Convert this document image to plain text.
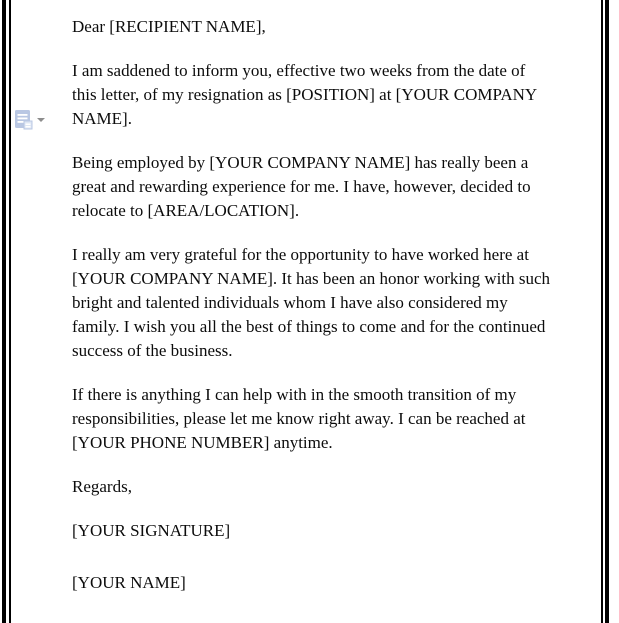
Dear [RECIPIENT NAME],

I am saddened to inform you, effective two weeks from the date of this letter, of my resignation as [POSITION] at [YOUR COMPANY NAME].

Being employed by [YOUR COMPANY NAME] has really been a great and rewarding experience for me. I have, however, decided to relocate to [AREA/LOCATION].

I really am very grateful for the opportunity to have worked here at [YOUR COMPANY NAME]. It has been an honor working with such bright and talented individuals whom I have also considered my family. I wish you all the best of things to come and for the continued success of the business.

If there is anything I can help with in the smooth transition of my responsibilities, please let me know right away. I can be reached at [YOUR PHONE NUMBER] anytime.

Regards,

[YOUR SIGNATURE]

[YOUR NAME]
